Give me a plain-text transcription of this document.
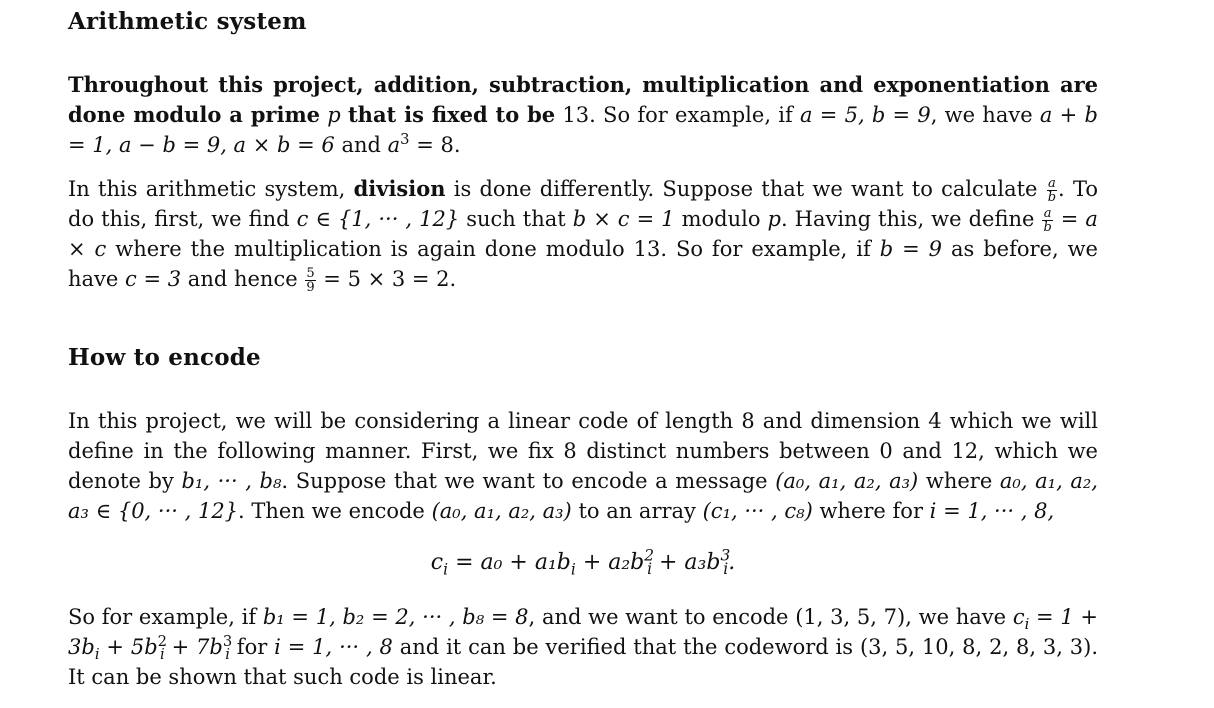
Arithmetic system

Throughout this project, addition, subtraction, multiplication and exponentiation are done modulo a prime p that is fixed to be 13. So for example, if a = 5, b = 9, we have a + b = 1, a − b = 9, a × b = 6 and $a^3 = 8$.

In this arithmetic system, division is done differently. Suppose that we want to calculate $\frac{a}{b}$ . To do this, first, we find c ∈ {1, ··· , 12} such that b × c = 1 modulo p. Having this, we define $\frac{a}{b} = a \times c$ where the multiplication is again done modulo 13. So for example, if b = 9 as before, we have c = 3 and hence $\frac{5}{9} = 5 \times 3 = 2$.

How to encode

In this project, we will be considering a linear code of length 8 and dimension 4 which we will define in the following manner. First, we fix 8 distinct numbers between 0 and 12, which we denote by b₁, ··· , b₈. Suppose that we want to encode a message (a₀, a₁, a₂, a₃) where a₀, a₁, a₂, a₃ ∈ {0, ··· , 12}. Then we encode (a₀, a₁, a₂, a₃) to an array (c₁, ··· , c₈) where for i = 1, ··· , 8,

$c_i = a_0 + a_1b_i + a_2b^2_i + a_3b^3_i$.

So for example, if b₁ = 1, b₂ = 2, ··· , b₈ = 8, and we want to encode (1, 3, 5, 7), we have $c_i = 1 + 3b_i + 5b^2_i + 7b^3_i$ for i = 1, ··· , 8 and it can be verified that the codeword is (3, 5, 10, 8, 2, 8, 3, 3). It can be shown that such code is linear.
